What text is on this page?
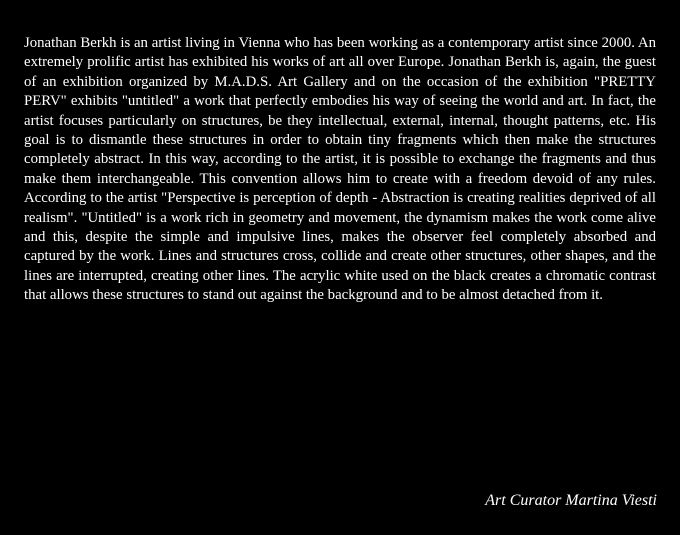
Jonathan Berkh is an artist living in Vienna who has been working as a contemporary artist since 2000. An extremely prolific artist has exhibited his works of art all over Europe. Jonathan Berkh is, again, the guest of an exhibition organized by M.A.D.S. Art Gallery and on the occasion of the exhibition "PRETTY PERV" exhibits "untitled" a work that perfectly embodies his way of seeing the world and art. In fact, the artist focuses particularly on structures, be they intellectual, external, internal, thought patterns, etc. His goal is to dismantle these structures in order to obtain tiny fragments which then make the structures completely abstract. In this way, according to the artist, it is possible to exchange the fragments and thus make them interchangeable. This convention allows him to create with a freedom devoid of any rules. According to the artist "Perspective is perception of depth - Abstraction is creating realities deprived of all realism". "Untitled" is a work rich in geometry and movement, the dynamism makes the work come alive and this, despite the simple and impulsive lines, makes the observer feel completely absorbed and captured by the work. Lines and structures cross, collide and create other structures, other shapes, and the lines are interrupted, creating other lines. The acrylic white used on the black creates a chromatic contrast that allows these structures to stand out against the background and to be almost detached from it.

Art Curator Martina Viesti
